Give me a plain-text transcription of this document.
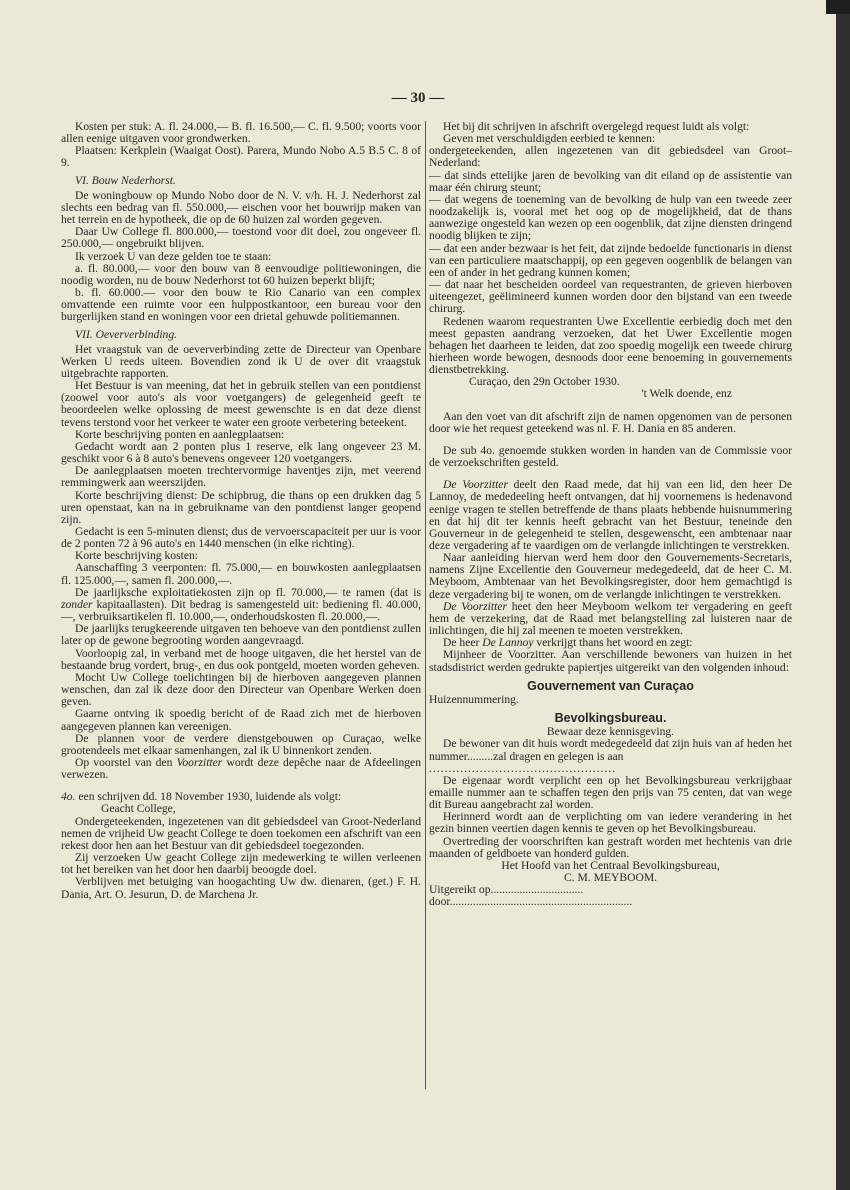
— 30 —

Kosten per stuk: A. fl. 24.000,— B. fl. 16.500,— C. fl. 9.500; voorts voor allen eenige uitgaven voor grondwerken.

Plaatsen: Kerkplein (Waaigat Oost). Parera, Mundo Nobo A.5 B.5 C. 8 of 9.

VI. Bouw Nederhorst.

De woningbouw op Mundo Nobo door de N. V. v/h. H. J. Nederhorst zal slechts een bedrag van fl. 550.000,— eischen voor het bouwrijp maken van het terrein en de hypotheek, die op de 60 huizen zal worden gegeven.

Daar Uw College fl. 800.000,— toestond voor dit doel, zou ongeveer fl. 250.000,— ongebruikt blijven.

Ik verzoek U van deze gelden toe te staan:

a. fl. 80.000,— voor den bouw van 8 eenvoudige politiewoningen, die noodig worden, nu de bouw Nederhorst tot 60 huizen beperkt blijft;

b. fl. 60.000.— voor den bouw te Rio Canario van een complex omvattende een ruimte voor een hulppostkantoor, een bureau voor den burgerlijken stand en woningen voor een drietal gehuwde politiemannen.

VII. Oeververbinding.

Het vraagstuk van de oeververbinding zette de Directeur van Openbare Werken U reeds uiteen. Bovendien zond ik U de over dit vraagstuk uitgebrachte rapporten.

Het Bestuur is van meening, dat het in gebruik stellen van een pontdienst (zoowel voor auto's als voor voetgangers) de gelegenheid geeft te beoordeelen welke oplossing de meest gewenschte is en dat deze dienst tevens terstond voor het verkeer te water een groote verbetering beteekent.

Korte beschrijving ponten en aanlegplaatsen:

Gedacht wordt aan 2 ponten plus 1 reserve, elk lang ongeveer 23 M. geschikt voor 6 à 8 auto's benevens ongeveer 120 voetgangers.

De aanlegplaatsen moeten trechtervormige haventjes zijn, met veerend remmingwerk aan weerszijden.

Korte beschrijving dienst: De schipbrug, die thans op een drukken dag 5 uren openstaat, kan na in gebruikname van den pontdienst langer geopend zijn.

Gedacht is een 5-minuten dienst; dus de vervoerscapaciteit per uur is voor de 2 ponten 72 à 96 auto's en 1440 menschen (in elke richting).

Korte beschrijving kosten:

Aanschaffing 3 veerponten: fl. 75.000,— en bouwkosten aanlegplaatsen fl. 125.000,—, samen fl. 200.000,—.

De jaarlijksche exploitatiekosten zijn op fl. 70.000,— te ramen (dat is zonder kapitaallasten). Dit bedrag is samengesteld uit: bediening fl. 40.000,—, verbruiksartikelen fl. 10.000,—, onderhoudskosten fl. 20.000,—.

De jaarlijks terugkeerende uitgaven ten behoeve van den pontdienst zullen later op de gewone begrooting worden aangevraagd.

Voorloopig zal, in verband met de hooge uitgaven, die het herstel van de bestaande brug vordert, brug-, en dus ook pontgeld, moeten worden geheven.

Mocht Uw College toelichtingen bij de hierboven aangegeven plannen wenschen, dan zal ik deze door den Directeur van Openbare Werken doen geven.

Gaarne ontving ik spoedig bericht of de Raad zich met de hierboven aangegeven plannen kan vereenigen.

De plannen voor de verdere dienstgebouwen op Curaçao, welke grootendeels met elkaar samenhangen, zal ik U binnenkort zenden.

Op voorstel van den Voorzitter wordt deze depêche naar de Afdeelingen verwezen.

4o. een schrijven dd. 18 November 1930, luidende als volgt:

Geacht College,

Ondergeteekenden, ingezetenen van dit gebiedsdeel van Groot-Nederland nemen de vrijheid Uw geacht College te doen toekomen een afschrift van een rekest door hen aan het Bestuur van dit gebiedsdeel toegezonden.

Zij verzoeken Uw geacht College zijn medewerking te willen verleenen tot het bereiken van het door hen daarbij beoogde doel.

Verblijven met betuiging van hoogachting Uw dw. dienaren, (get.) F. H. Dania, Art. O. Jesurun, D. de Marchena Jr.

Het bij dit schrijven in afschrift overgelegd request luidt als volgt:

Geven met verschuldigden eerbied te kennen:

ondergeteekenden, allen ingezetenen van dit gebiedsdeel van Groot–Nederland:

— dat sinds ettelijke jaren de bevolking van dit eiland op de assistentie van maar één chirurg steunt;

— dat wegens de toeneming van de bevolking de hulp van een tweede zeer noodzakelijk is, vooral met het oog op de mogelijkheid, dat de thans aanwezige ongesteld kan wezen op een oogenblik, dat zijne diensten dringend noodig blijken te zijn;

— dat een ander bezwaar is het feit, dat zijnde bedoelde functionaris in dienst van een particuliere maatschappij, op een gegeven oogenblik de belangen van een of ander in het gedrang kunnen komen;

— dat naar het bescheiden oordeel van requestranten, de grieven hierboven uiteengezet, geëlimineerd kunnen worden door den bijstand van een tweede chirurg.

Redenen waarom requestranten Uwe Excellentie eerbiedig doch met den meest gepasten aandrang verzoeken, dat het Uwer Excellentie mogen behagen het daarheen te leiden, dat zoo spoedig mogelijk een tweede chirurg hierheen worde bewogen, desnoods door eene benoeming in gouvernements dienstbetrekking.

Curaçao, den 29n October 1930.

't Welk doende, enz

Aan den voet van dit afschrift zijn de namen opgenomen van de personen door wie het request geteekend was nl. F. H. Dania en 85 anderen.

De sub 4o. genoemde stukken worden in handen van de Commissie voor de verzoekschriften gesteld.

De Voorzitter deelt den Raad mede, dat hij van een lid, den heer De Lannoy, de mededeeling heeft ontvangen, dat hij voornemens is hedenavond eenige vragen te stellen betreffende de thans plaats hebbende huisnummering en dat hij dit ter kennis heeft gebracht van het Bestuur, teneinde den Gouverneur in de gelegenheid te stellen, desgewenscht, een ambtenaar naar deze vergadering af te vaardigen om de verlangde inlichtingen te verstrekken.

Naar aanleiding hiervan werd hem door den Gouvernements-Secretaris, namens Zijne Excellentie den Gouverneur medegedeeld, dat de heer C. M. Meyboom, Ambtenaar van het Bevolkingsregister, door hem gemachtigd is deze vergadering bij te wonen, om de verlangde inlichtingen te verstrekken.

De Voorzitter heet den heer Meyboom welkom ter vergadering en geeft hem de verzekering, dat de Raad met belangstelling zal luisteren naar de inlichtingen, die hij zal meenen te moeten verstrekken.

De heer De Lannoy verkrijgt thans het woord en zegt:

Mijnheer de Voorzitter. Aan verschillende bewoners van huizen in het stadsdistrict werden gedrukte papiertjes uitgereikt van den volgenden inhoud:

Gouvernement van Curaçao

Huizennummering.

Bevolkingsbureau.

Bewaar deze kennisgeving.

De bewoner van dit huis wordt medegedeeld dat zijn huis van af heden het nummer.........zal dragen en gelegen is aan

................................................

De eigenaar wordt verplicht een op het Bevolkingsbureau verkrijgbaar emaille nummer aan te schaffen tegen den prijs van 75 centen, dat van wege dit Bureau aangebracht zal worden.

Herinnerd wordt aan de verplichting om van iedere verandering in het gezin binnen veertien dagen kennis te geven op het Bevolkingsbureau.

Overtreding der voorschriften kan gestraft worden met hechtenis van drie maanden of geldboete van honderd gulden.

Het Hoofd van het Centraal Bevolkingsbureau,

C. M. MEYBOOM.

Uitgereikt op................................

door...............................................................
